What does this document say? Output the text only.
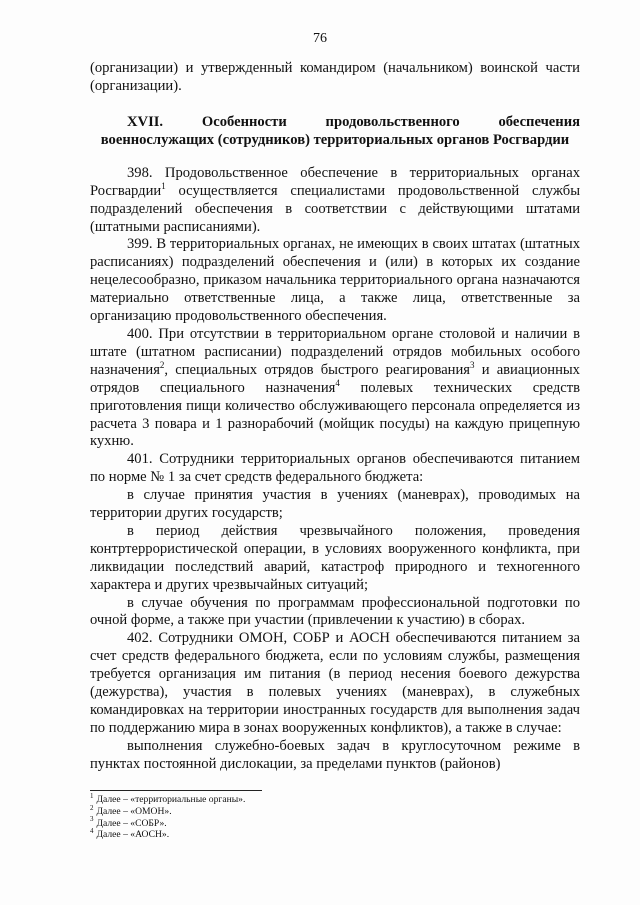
76

(организации) и утвержденный командиром (начальником) воинской части (организации).

XVII. Особенности продовольственного обеспечения
военнослужащих (сотрудников) территориальных органов Росгвардии

398. Продовольственное обеспечение в территориальных органах Росгвардии$^1$ осуществляется специалистами продовольственной службы подразделений обеспечения в соответствии с действующими штатами (штатными расписаниями).

399. В территориальных органах, не имеющих в своих штатах (штатных расписаниях) подразделений обеспечения и (или) в которых их создание нецелесообразно, приказом начальника территориального органа назначаются материально ответственные лица, а также лица, ответственные за организацию продовольственного обеспечения.

400. При отсутствии в территориальном органе столовой и наличии в штате (штатном расписании) подразделений отрядов мобильных особого назначения$^2$, специальных отрядов быстрого реагирования$^3$ и авиационных отрядов специального назначения$^4$ полевых технических средств приготовления пищи количество обслуживающего персонала определяется из расчета 3 повара и 1 разнорабочий (мойщик посуды) на каждую прицепную кухню.

401. Сотрудники территориальных органов обеспечиваются питанием по норме № 1 за счет средств федерального бюджета:

в случае принятия участия в учениях (маневрах), проводимых на территории других государств;

в период действия чрезвычайного положения, проведения контртеррористической операции, в условиях вооруженного конфликта, при ликвидации последствий аварий, катастроф природного и техногенного характера и других чрезвычайных ситуаций;

в случае обучения по программам профессиональной подготовки по очной форме, а также при участии (привлечении к участию) в сборах.

402. Сотрудники ОМОН, СОБР и АОСН обеспечиваются питанием за счет средств федерального бюджета, если по условиям службы, размещения требуется организация им питания (в период несения боевого дежурства (дежурства), участия в полевых учениях (маневрах), в служебных командировках на территории иностранных государств для выполнения задач по поддержанию мира в зонах вооруженных конфликтов), а также в случае:

выполнения служебно-боевых задач в круглосуточном режиме в пунктах постоянной дислокации, за пределами пунктов (районов)

$^1$ Далее – «территориальные органы».
$^2$ Далее – «ОМОН».
$^3$ Далее – «СОБР».
$^4$ Далее – «АОСН».
